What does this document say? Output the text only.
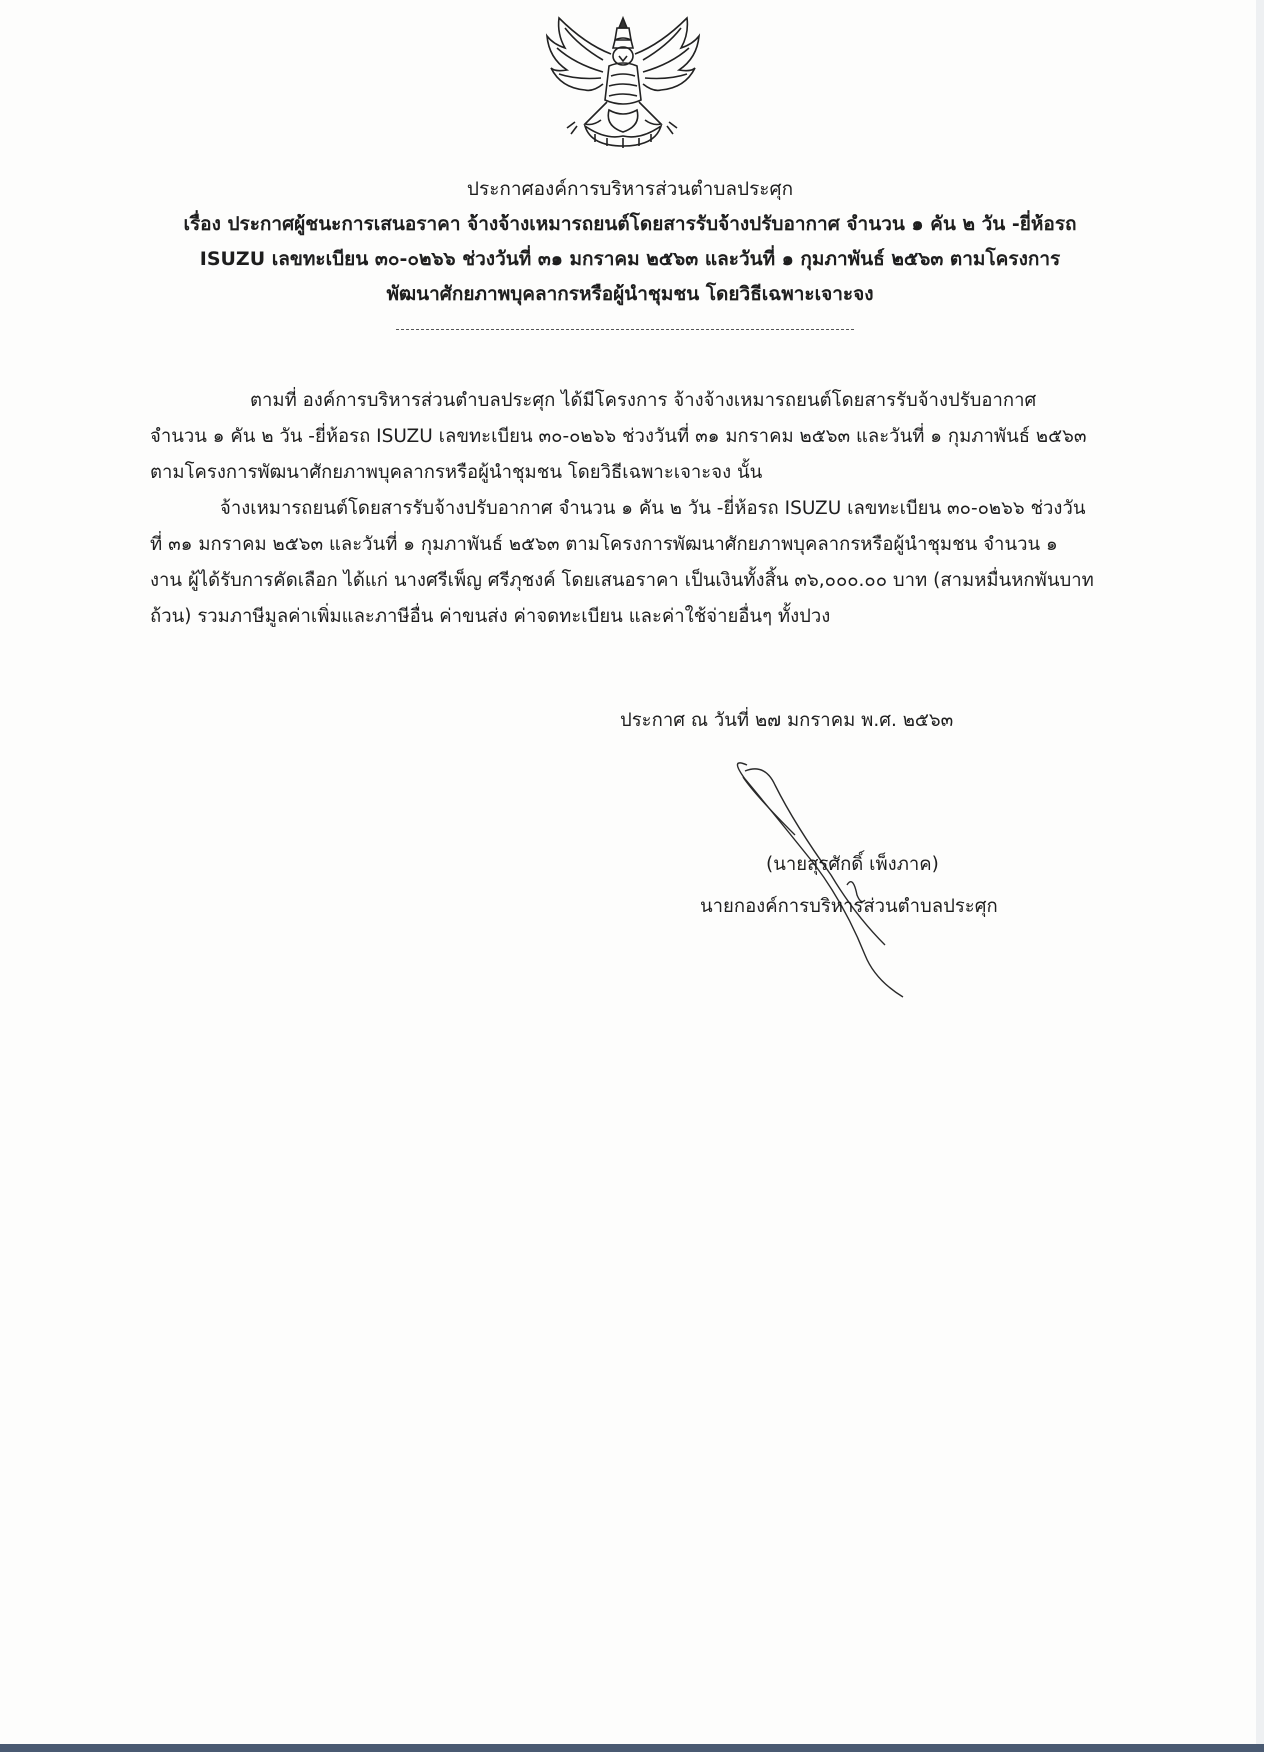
ประกาศองค์การบริหารส่วนตำบลประศุก
เรื่อง ประกาศผู้ชนะการเสนอราคา จ้างจ้างเหมารถยนต์โดยสารรับจ้างปรับอากาศ จำนวน ๑ คัน ๒ วัน -ยี่ห้อรถ
ISUZU เลขทะเบียน ๓๐-๐๒๖๖ ช่วงวันที่ ๓๑ มกราคม ๒๕๖๓ และวันที่ ๑ กุมภาพันธ์ ๒๕๖๓ ตามโครงการ
พัฒนาศักยภาพบุคลากรหรือผู้นำชุมชน โดยวิธีเฉพาะเจาะจง

ตามที่ องค์การบริหารส่วนตำบลประศุก ได้มีโครงการ จ้างจ้างเหมารถยนต์โดยสารรับจ้างปรับอากาศ จำนวน ๑ คัน ๒ วัน -ยี่ห้อรถ ISUZU เลขทะเบียน ๓๐-๐๒๖๖ ช่วงวันที่ ๓๑ มกราคม ๒๕๖๓ และวันที่ ๑ กุมภาพันธ์ ๒๕๖๓ ตามโครงการพัฒนาศักยภาพบุคลากรหรือผู้นำชุมชน โดยวิธีเฉพาะเจาะจง นั้น

จ้างเหมารถยนต์โดยสารรับจ้างปรับอากาศ จำนวน ๑ คัน ๒ วัน -ยี่ห้อรถ ISUZU เลขทะเบียน ๓๐-๐๒๖๖ ช่วงวันที่ ๓๑ มกราคม ๒๕๖๓ และวันที่ ๑ กุมภาพันธ์ ๒๕๖๓ ตามโครงการพัฒนาศักยภาพบุคลากรหรือผู้นำชุมชน จำนวน ๑ งาน ผู้ได้รับการคัดเลือก ได้แก่ นางศรีเพ็ญ ศรีภุชงค์ โดยเสนอราคา เป็นเงินทั้งสิ้น ๓๖,๐๐๐.๐๐ บาท (สามหมื่นหกพันบาทถ้วน) รวมภาษีมูลค่าเพิ่มและภาษีอื่น ค่าขนส่ง ค่าจดทะเบียน และค่าใช้จ่ายอื่นๆ ทั้งปวง

ประกาศ ณ วันที่ ๒๗ มกราคม พ.ศ. ๒๕๖๓
(นายสุรศักดิ์ เพ็งภาค)
นายกองค์การบริหารส่วนตำบลประศุก
